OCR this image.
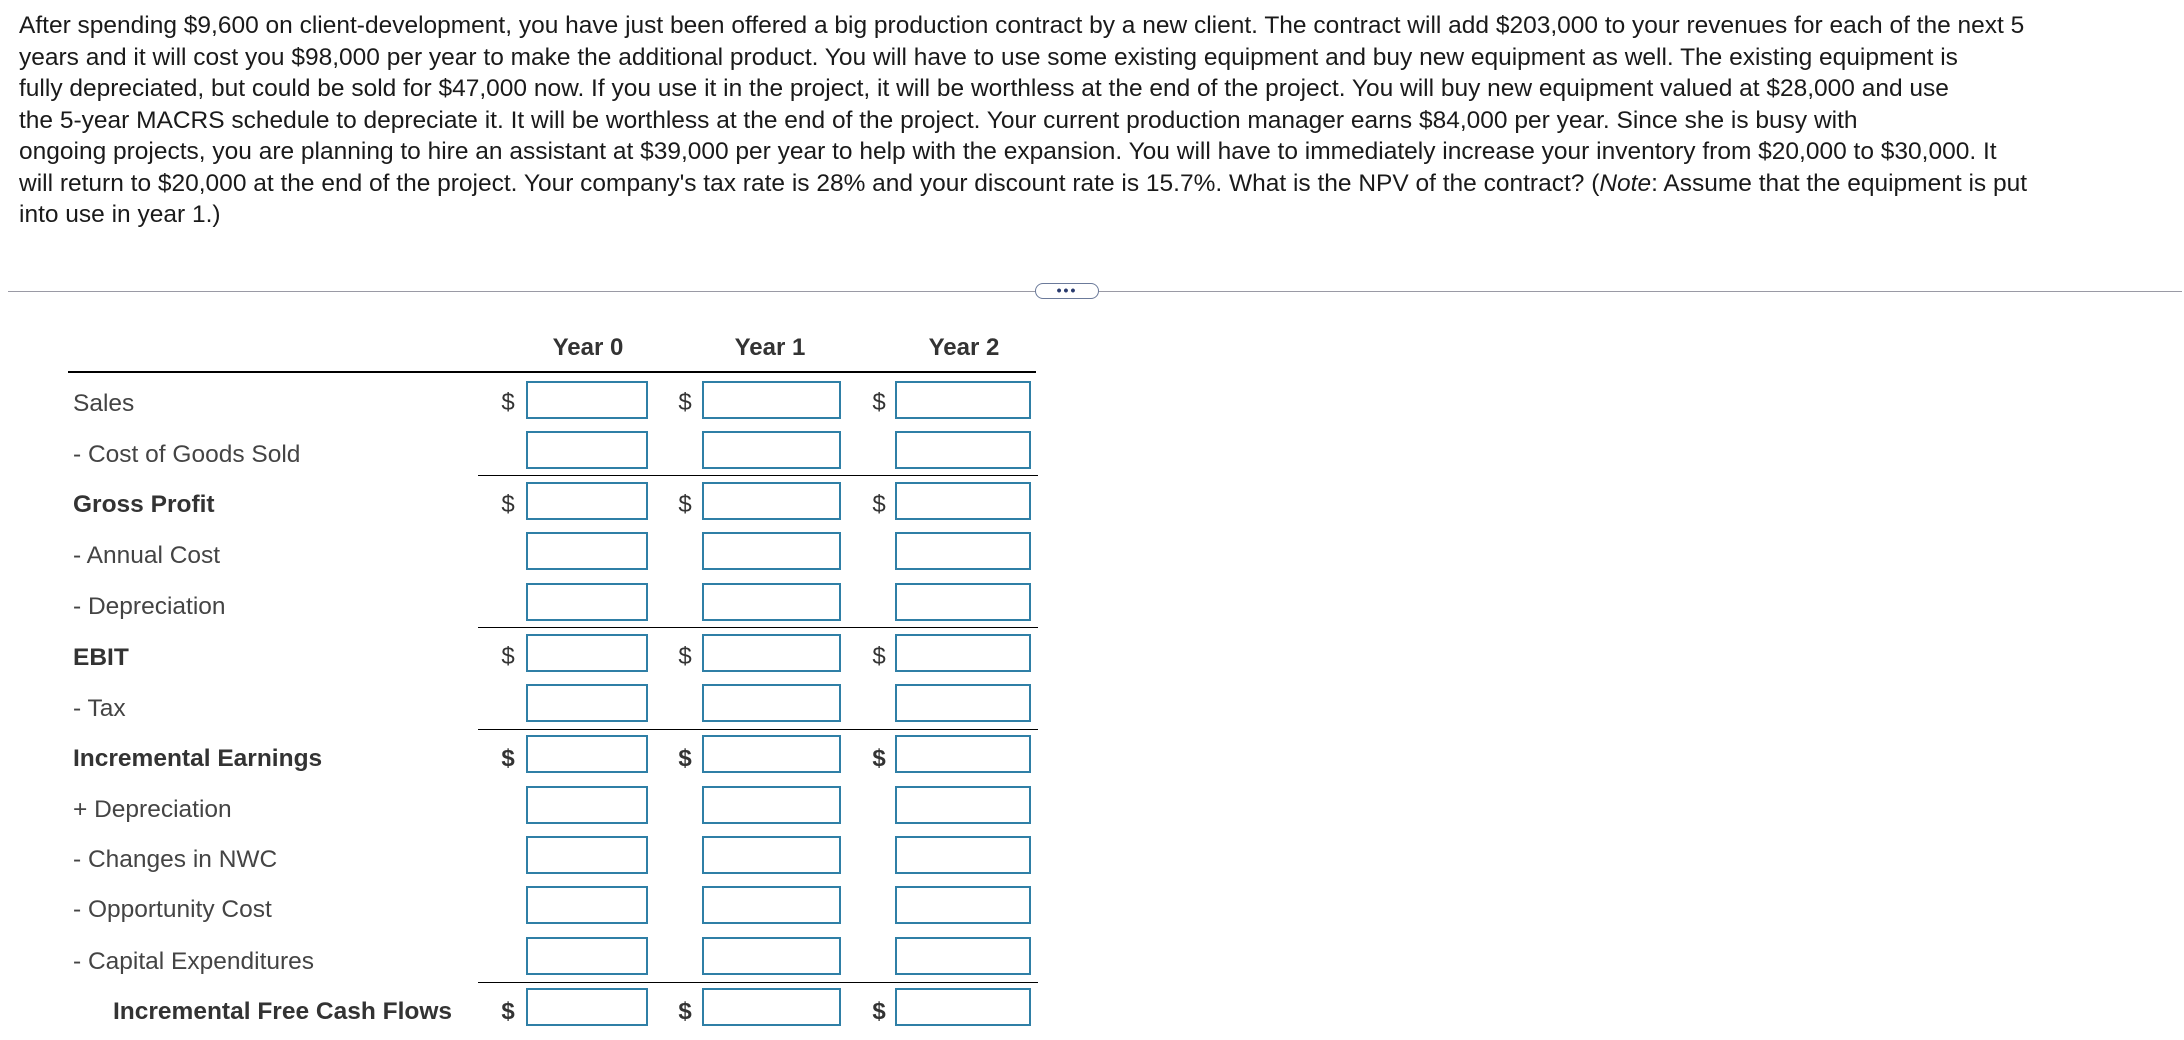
After spending $9,600 on client-development, you have just been offered a big production contract by a new client. The contract will add $203,000 to your revenues for each of the next 5
years and it will cost you $98,000 per year to make the additional product. You will have to use some existing equipment and buy new equipment as well. The existing equipment is
fully depreciated, but could be sold for $47,000 now. If you use it in the project, it will be worthless at the end of the project. You will buy new equipment valued at $28,000 and use
the 5-year MACRS schedule to depreciate it. It will be worthless at the end of the project. Your current production manager earns $84,000 per year. Since she is busy with
ongoing projects, you are planning to hire an assistant at $39,000 per year to help with the expansion. You will have to immediately increase your inventory from $20,000 to $30,000. It
will return to $20,000 at the end of the project. Your company's tax rate is 28% and your discount rate is 15.7%. What is the NPV of the contract? (Note: Assume that the equipment is put
into use in year 1.)

•••
Year 0	Year 1	Year 2
Sales	$	$	$
- Cost of Goods Sold
Gross Profit	$	$	$
- Annual Cost
- Depreciation
EBIT	$	$	$
- Tax
Incremental Earnings	$	$	$
+ Depreciation
- Changes in NWC
- Opportunity Cost
- Capital Expenditures
Incremental Free Cash Flows $	$	$
